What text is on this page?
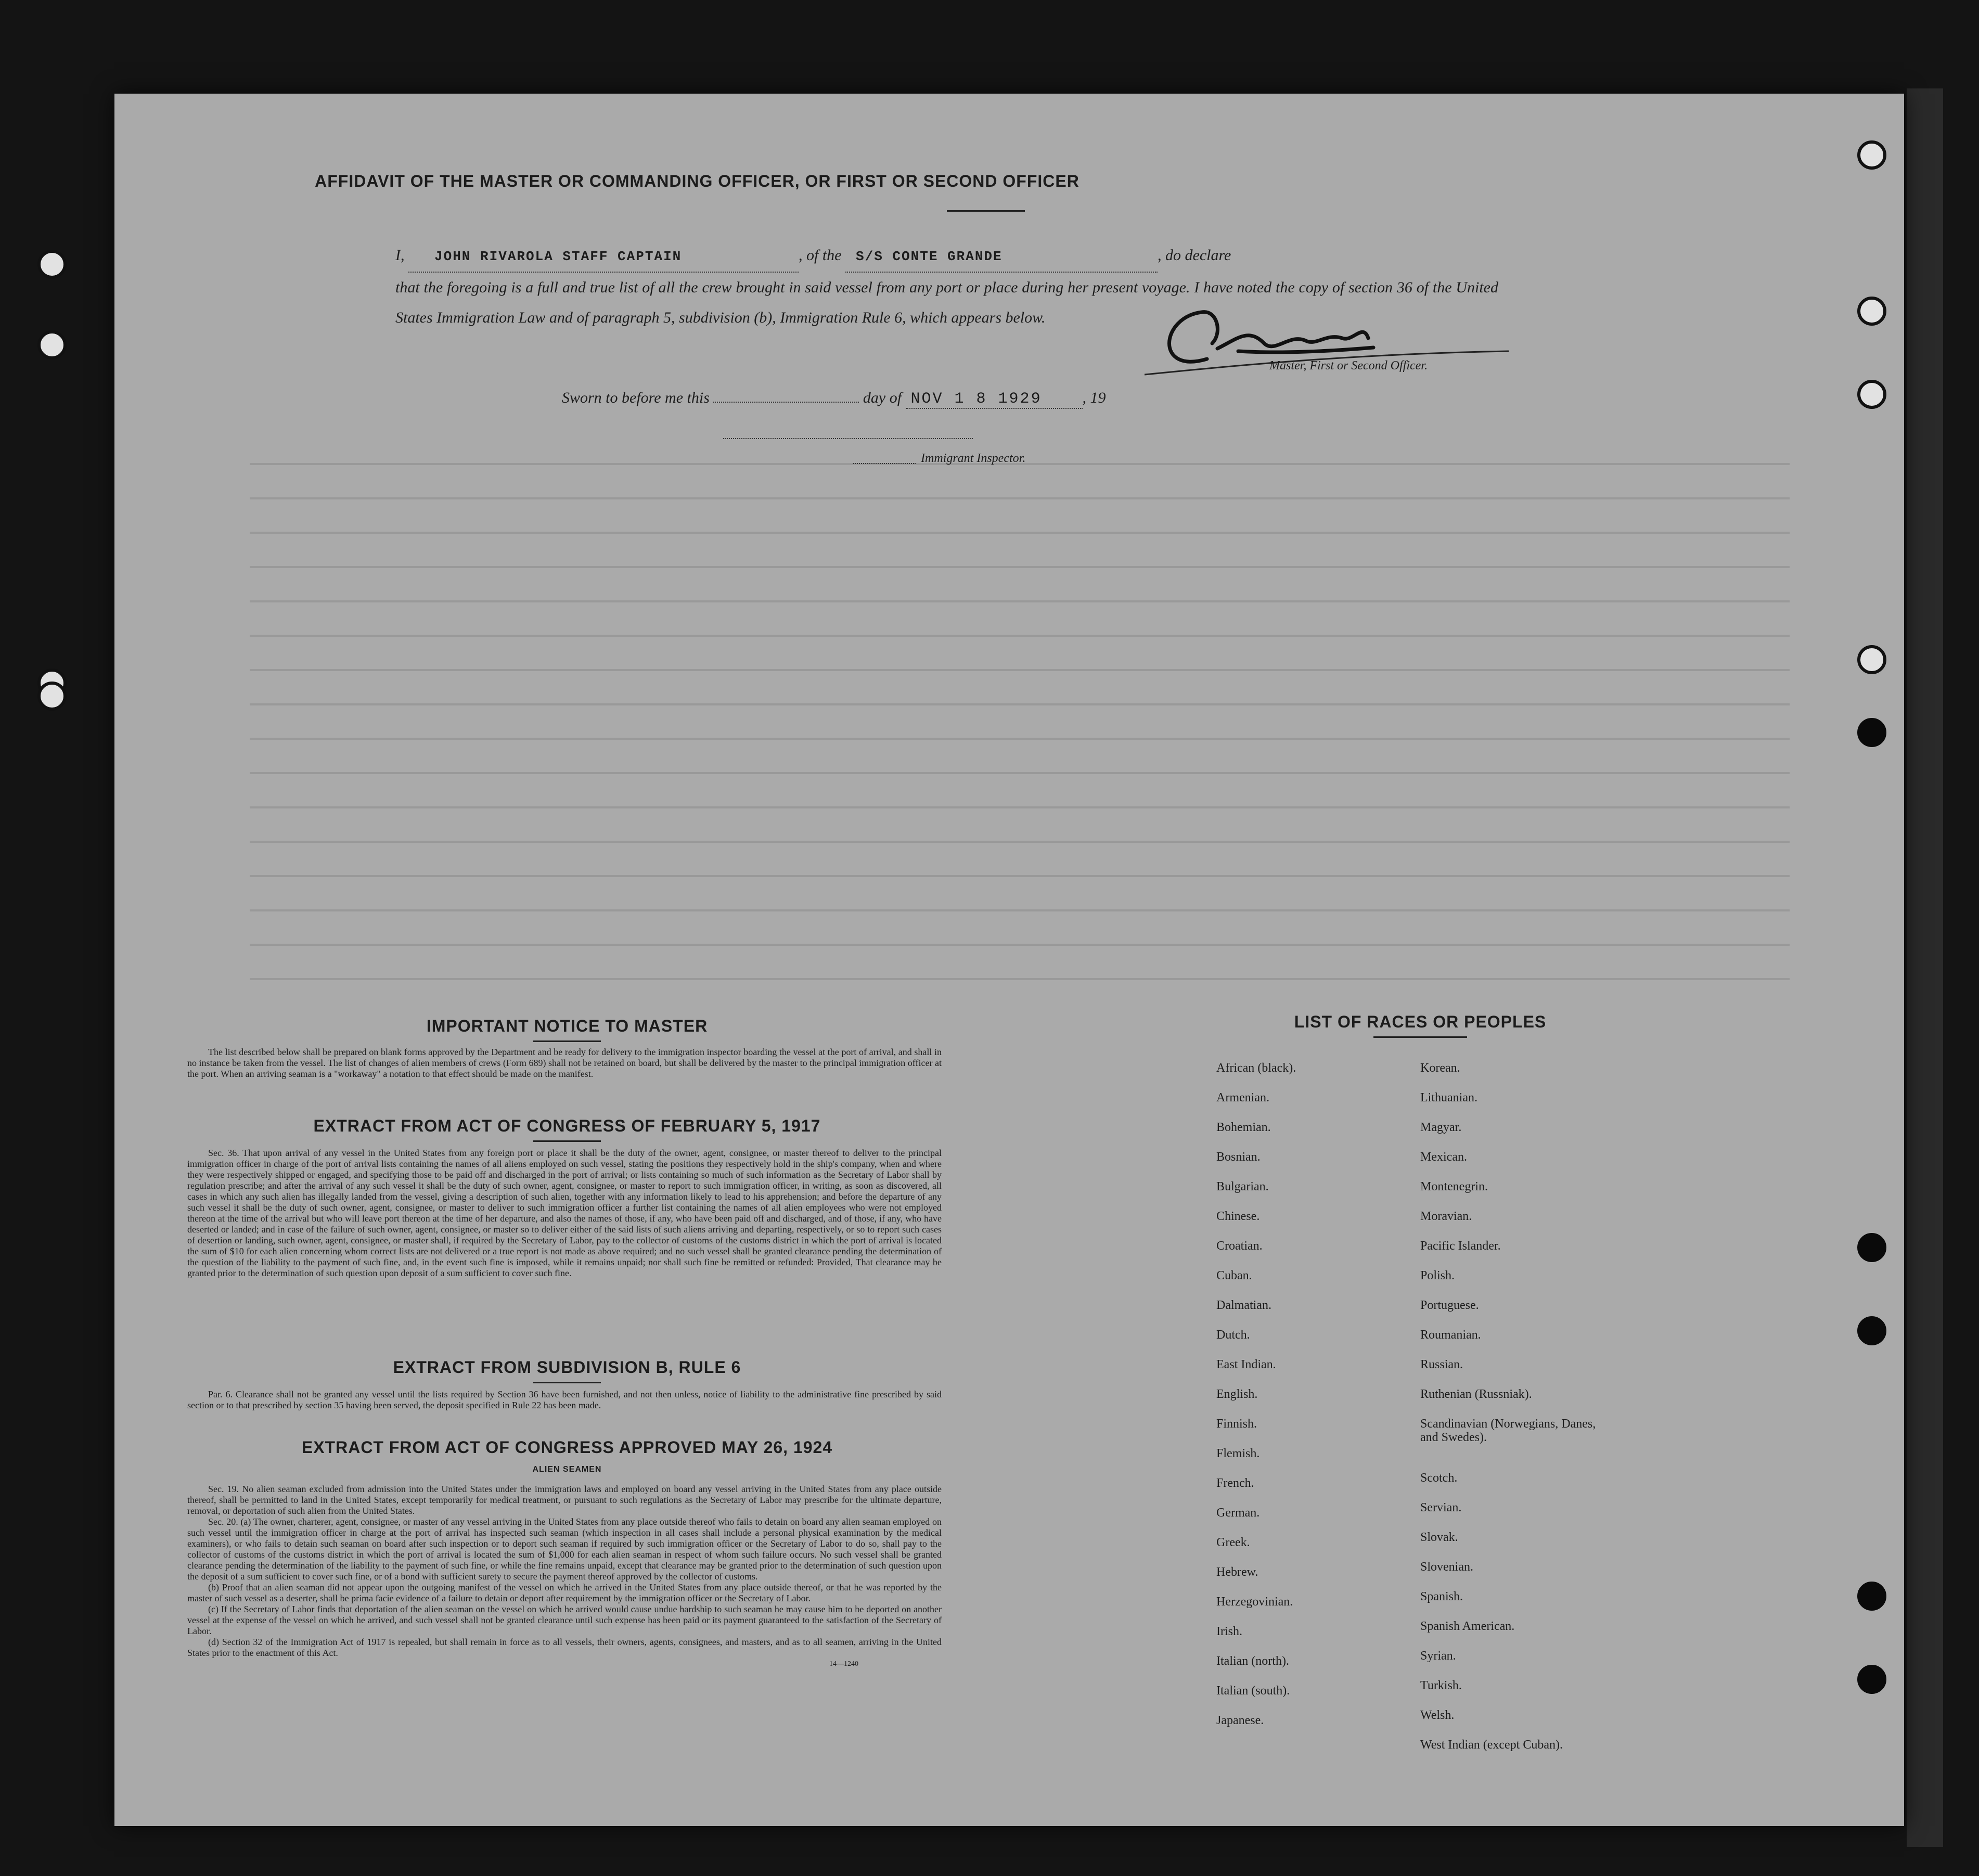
AFFIDAVIT OF THE MASTER OR COMMANDING OFFICER, OR FIRST OR SECOND OFFICER
I, JOHN RIVAROLA STAFF CAPTAIN	, of the S/S CONTE GRANDE	, do declare
that the foregoing is a full and true list of all the crew brought in said vessel from any port or place during her present voyage. I have noted the copy of section 36 of the United States Immigration Law and of paragraph 5, subdivision (b), Immigration Rule 6, which appears below.
Master, First or Second Officer.
Sworn to before me this	day of NOV 1 8 1929	, 19
Immigrant Inspector.
IMPORTANT NOTICE TO MASTER
The list described below shall be prepared on blank forms approved by the Department and be ready for delivery to the immigration inspector boarding the vessel at the port of arrival, and shall in no instance be taken from the vessel. The list of changes of alien members of crews (Form 689) shall not be retained on board, but shall be delivered by the master to the principal immigration officer at the port. When an arriving seaman is a "workaway" a notation to that effect should be made on the manifest.
EXTRACT FROM ACT OF CONGRESS OF FEBRUARY 5, 1917
Sec. 36. That upon arrival of any vessel in the United States from any foreign port or place it shall be the duty of the owner, agent, consignee, or master thereof to deliver to the principal immigration officer in charge of the port of arrival lists containing the names of all aliens employed on such vessel, stating the positions they respectively hold in the ship's company, when and where they were respectively shipped or engaged, and specifying those to be paid off and discharged in the port of arrival; or lists containing so much of such information as the Secretary of Labor shall by regulation prescribe; and after the arrival of any such vessel it shall be the duty of such owner, agent, consignee, or master to report to such immigration officer, in writing, as soon as discovered, all cases in which any such alien has illegally landed from the vessel, giving a description of such alien, together with any information likely to lead to his apprehension; and before the departure of any such vessel it shall be the duty of such owner, agent, consignee, or master to deliver to such immigration officer a further list containing the names of all alien employees who were not employed thereon at the time of the arrival but who will leave port thereon at the time of her departure, and also the names of those, if any, who have been paid off and discharged, and of those, if any, who have deserted or landed; and in case of the failure of such owner, agent, consignee, or master so to deliver either of the said lists of such aliens arriving and departing, respectively, or so to report such cases of desertion or landing, such owner, agent, consignee, or master shall, if required by the Secretary of Labor, pay to the collector of customs of the customs district in which the port of arrival is located the sum of $10 for each alien concerning whom correct lists are not delivered or a true report is not made as above required; and no such vessel shall be granted clearance pending the determination of the question of the liability to the payment of such fine, and, in the event such fine is imposed, while it remains unpaid; nor shall such fine be remitted or refunded: Provided, That clearance may be granted prior to the determination of such question upon deposit of a sum sufficient to cover such fine.
EXTRACT FROM SUBDIVISION B, RULE 6
Par. 6. Clearance shall not be granted any vessel until the lists required by Section 36 have been furnished, and not then unless, notice of liability to the administrative fine prescribed by said section or to that prescribed by section 35 having been served, the deposit specified in Rule 22 has been made.
EXTRACT FROM ACT OF CONGRESS APPROVED MAY 26, 1924
ALIEN SEAMEN
Sec. 19. No alien seaman excluded from admission into the United States under the immigration laws and employed on board any vessel arriving in the United States from any place outside thereof, shall be permitted to land in the United States, except temporarily for medical treatment, or pursuant to such regulations as the Secretary of Labor may prescribe for the ultimate departure, removal, or deportation of such alien from the United States.
Sec. 20. (a) The owner, charterer, agent, consignee, or master of any vessel arriving in the United States from any place outside thereof who fails to detain on board any alien seaman employed on such vessel until the immigration officer in charge at the port of arrival has inspected such seaman (which inspection in all cases shall include a personal physical examination by the medical examiners), or who fails to detain such seaman on board after such inspection or to deport such seaman if required by such immigration officer or the Secretary of Labor to do so, shall pay to the collector of customs of the customs district in which the port of arrival is located the sum of $1,000 for each alien seaman in respect of whom such failure occurs. No such vessel shall be granted clearance pending the determination of the liability to the payment of such fine, or while the fine remains unpaid, except that clearance may be granted prior to the determination of such question upon the deposit of a sum sufficient to cover such fine, or of a bond with sufficient surety to secure the payment thereof approved by the collector of customs.
(b) Proof that an alien seaman did not appear upon the outgoing manifest of the vessel on which he arrived in the United States from any place outside thereof, or that he was reported by the master of such vessel as a deserter, shall be prima facie evidence of a failure to detain or deport after requirement by the immigration officer or the Secretary of Labor.
(c) If the Secretary of Labor finds that deportation of the alien seaman on the vessel on which he arrived would cause undue hardship to such seaman he may cause him to be deported on another vessel at the expense of the vessel on which he arrived, and such vessel shall not be granted clearance until such expense has been paid or its payment guaranteed to the satisfaction of the Secretary of Labor.
(d) Section 32 of the Immigration Act of 1917 is repealed, but shall remain in force as to all vessels, their owners, agents, consignees, and masters, and as to all seamen, arriving in the United States prior to the enactment of this Act.
14—1240
LIST OF RACES OR PEOPLES
African (black).
Armenian.
Bohemian.
Bosnian.
Bulgarian.
Chinese.
Croatian.
Cuban.
Dalmatian.
Dutch.
East Indian.
English.
Finnish.
Flemish.
French.
German.
Greek.
Hebrew.
Herzegovinian.
Irish.
Italian (north).
Italian (south).
Japanese.
Korean.
Lithuanian.
Magyar.
Mexican.
Montenegrin.
Moravian.
Pacific Islander.
Polish.
Portuguese.
Roumanian.
Russian.
Ruthenian (Russniak).
Scandinavian (Norwegians, Danes, and Swedes).
Scotch.
Servian.
Slovak.
Slovenian.
Spanish.
Spanish American.
Syrian.
Turkish.
Welsh.
West Indian (except Cuban).
